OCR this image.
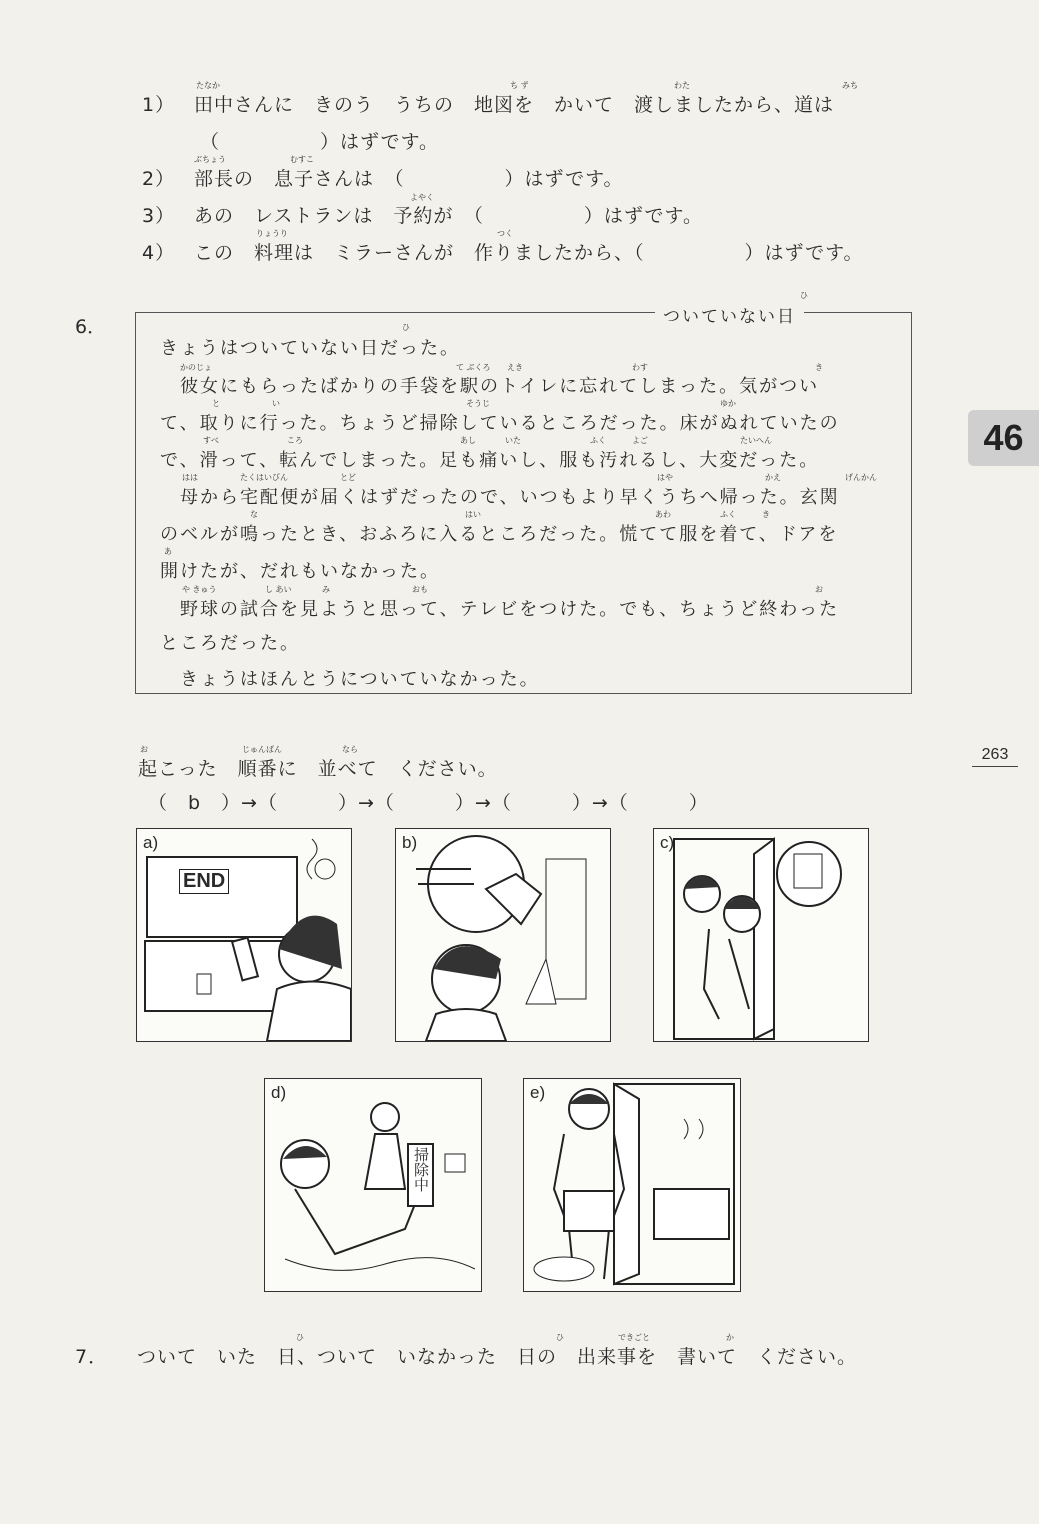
たなか	ち ず	わた	みち
1） 田中さんに　きのう　うちの　地図を　かいて　渡しましたから、道は
（　　　　　）はずです。
ぶちょう	むすこ
2） 部長の　息子さんは　（　　　　　）はずです。
よやく
3） あの　レストランは　予約が　（　　　　　）はずです。
りょうり	つく
4） この　料理は　ミラーさんが　作りましたから、（　　　　　）はずです。
6．
ひ
ついていない日
ひ
きょうはついていない日だった。
かのじょ	て ぶくろ えき	わす	き
　彼女にもらったばかりの手袋を駅のトイレに忘れてしまった。気がつい
と	い	そうじ	ゆか
て、取りに行った。ちょうど掃除しているところだった。床がぬれていたの
すべ	ころ	あし	いた	ふく	よご	たいへん
で、滑って、転んでしまった。足も痛いし、服も汚れるし、大変だった。
はは	たくはいびん	とど	はや	かえ	げんかん
　母から宅配便が届くはずだったので、いつもより早くうちへ帰った。玄関
な	はい	あわ	ふく	き
のベルが鳴ったとき、おふろに入るところだった。慌てて服を着て、ドアを
あ
開けたが、だれもいなかった。
や きゅう	し あい	み	おも	お
　野球の試合を見ようと思って、テレビをつけた。でも、ちょうど終わった
ところだった。
　きょうはほんとうについていなかった。
46
263
お	じゅんばん	なら
起こった　順番に　並べて　ください。
（　b　）→（　　　）→（　　　）→（　　　）→（　　　）
a)
END
b)	c)
d)
掃除中
e)
ひ	ひ	できごと	か
7． ついて　いた　日、ついて　いなかった　日の　出来事を　書いて　ください。
